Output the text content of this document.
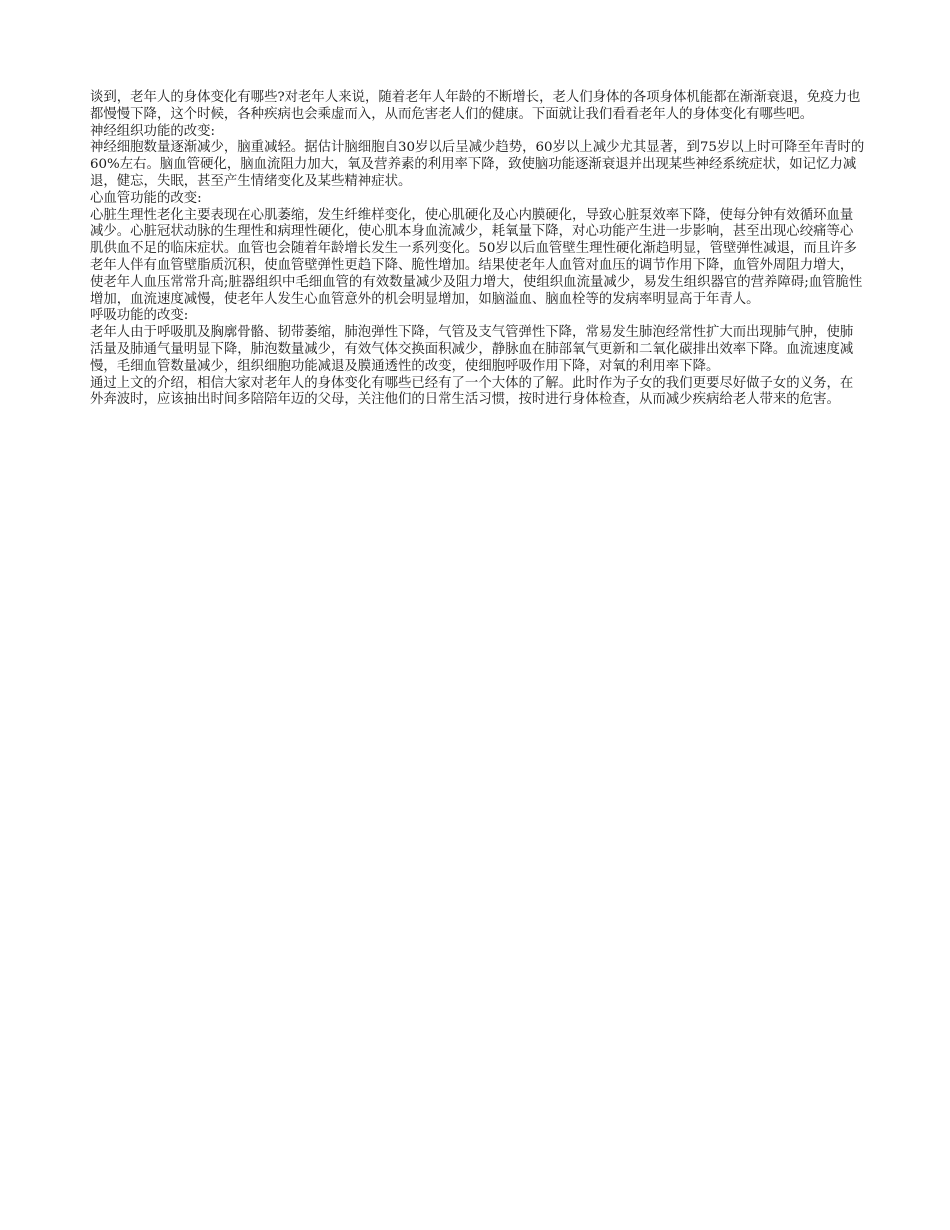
谈到，老年人的身体变化有哪些?对老年人来说，随着老年人年龄的不断增长，老人们身体的各项身体机能都在渐渐衰退，免疫力也都慢慢下降，这个时候，各种疾病也会乘虚而入，从而危害老人们的健康。下面就让我们看看老年人的身体变化有哪些吧。

神经组织功能的改变:

神经细胞数量逐渐减少，脑重减轻。据估计脑细胞自30岁以后呈减少趋势，60岁以上减少尤其显著，到75岁以上时可降至年青时的60%左右。脑血管硬化，脑血流阻力加大，氧及营养素的利用率下降，致使脑功能逐渐衰退并出现某些神经系统症状，如记忆力减退，健忘，失眠，甚至产生情绪变化及某些精神症状。

心血管功能的改变:

心脏生理性老化主要表现在心肌萎缩，发生纤维样变化，使心肌硬化及心内膜硬化，导致心脏泵效率下降，使每分钟有效循环血量减少。心脏冠状动脉的生理性和病理性硬化，使心肌本身血流减少，耗氧量下降，对心功能产生进一步影响，甚至出现心绞痛等心肌供血不足的临床症状。血管也会随着年龄增长发生一系列变化。50岁以后血管壁生理性硬化渐趋明显，管壁弹性减退，而且许多老年人伴有血管壁脂质沉积，使血管壁弹性更趋下降、脆性增加。结果使老年人血管对血压的调节作用下降，血管外周阻力增大，使老年人血压常常升高;脏器组织中毛细血管的有效数量减少及阻力增大，使组织血流量减少，易发生组织器官的营养障碍;血管脆性增加，血流速度减慢，使老年人发生心血管意外的机会明显增加，如脑溢血、脑血栓等的发病率明显高于年青人。

呼吸功能的改变:

老年人由于呼吸肌及胸廓骨骼、韧带萎缩，肺泡弹性下降，气管及支气管弹性下降，常易发生肺泡经常性扩大而出现肺气肿，使肺活量及肺通气量明显下降，肺泡数量减少，有效气体交换面积减少，静脉血在肺部氧气更新和二氧化碳排出效率下降。血流速度减慢，毛细血管数量减少，组织细胞功能减退及膜通透性的改变，使细胞呼吸作用下降，对氧的利用率下降。

通过上文的介绍，相信大家对老年人的身体变化有哪些已经有了一个大体的了解。此时作为子女的我们更要尽好做子女的义务，在外奔波时，应该抽出时间多陪陪年迈的父母，关注他们的日常生活习惯，按时进行身体检查，从而减少疾病给老人带来的危害。
